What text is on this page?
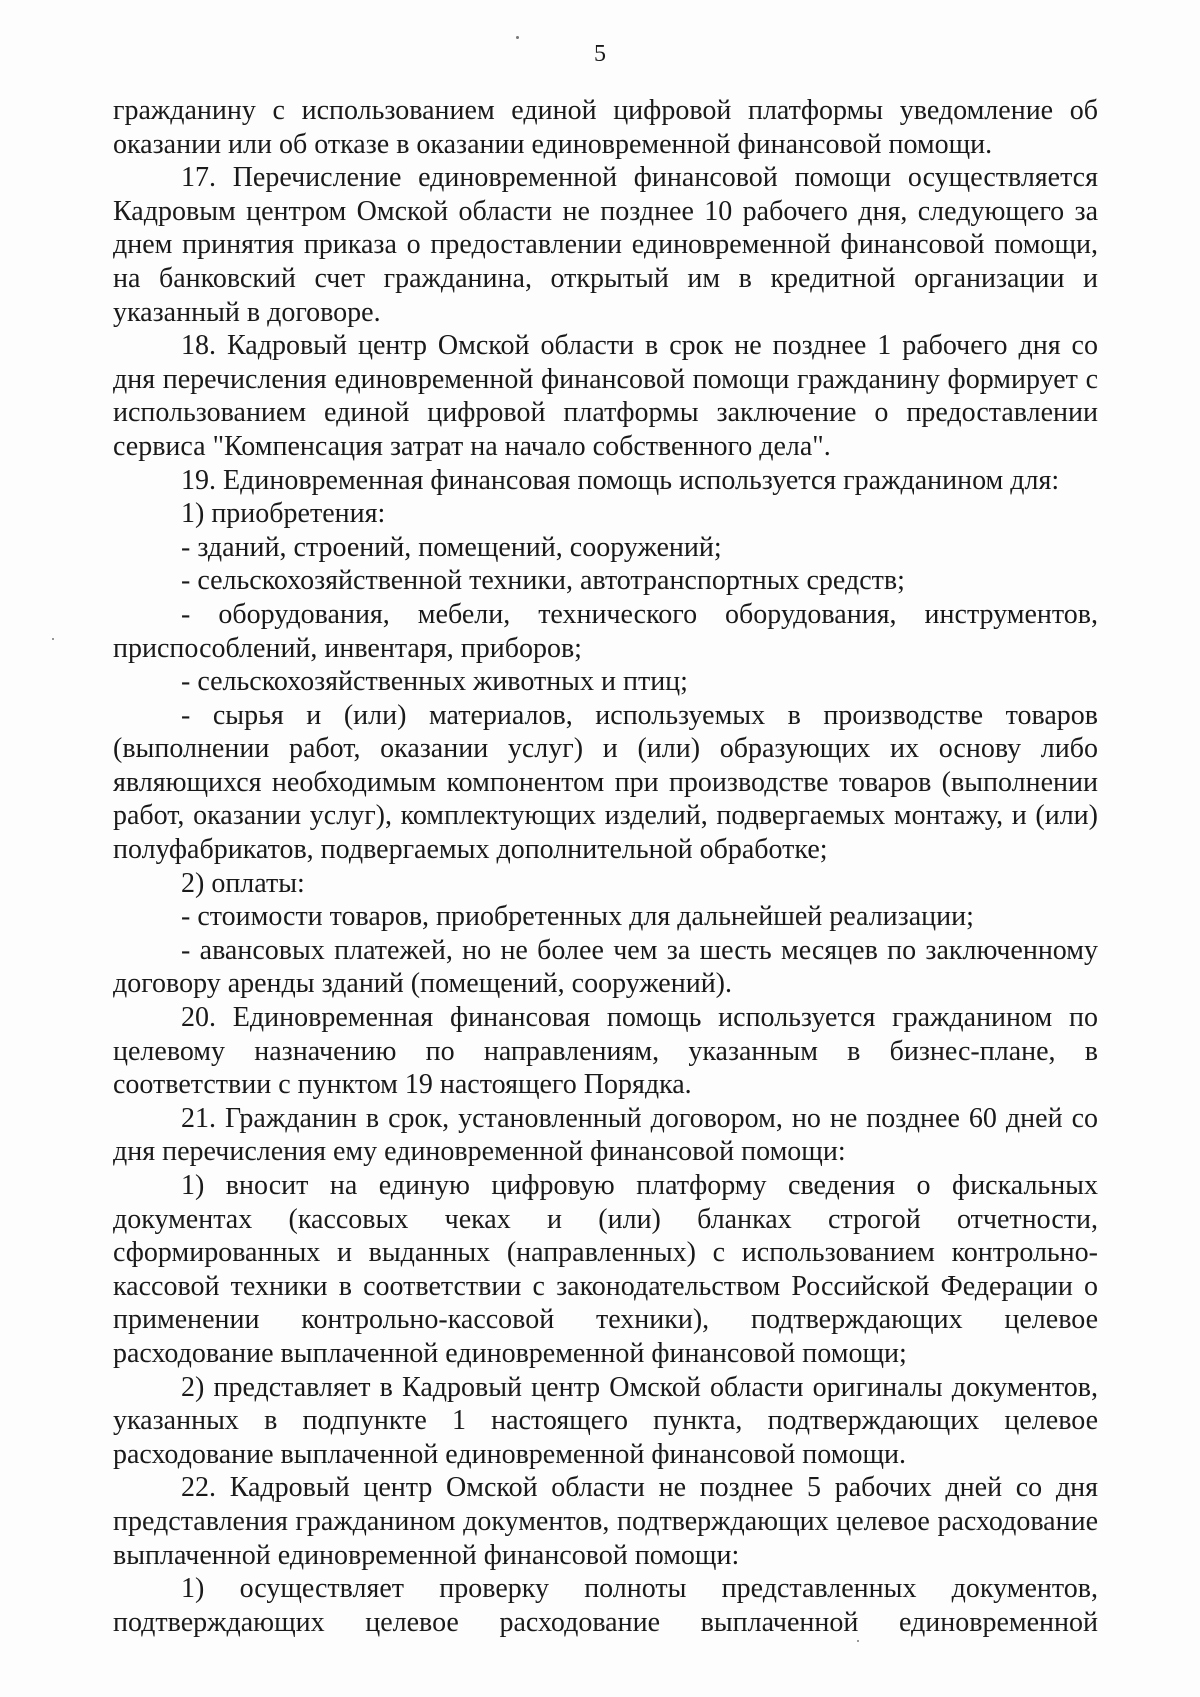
5

гражданину с использованием единой цифровой платформы уведомление об оказании или об отказе в оказании единовременной финансовой помощи.

17. Перечисление единовременной финансовой помощи осуществляется Кадровым центром Омской области не позднее 10 рабочего дня, следующего за днем принятия приказа о предоставлении единовременной финансовой помощи, на банковский счет гражданина, открытый им в кредитной организации и указанный в договоре.

18. Кадровый центр Омской области в срок не позднее 1 рабочего дня со дня перечисления единовременной финансовой помощи гражданину формирует с использованием единой цифровой платформы заключение о предоставлении сервиса "Компенсация затрат на начало собственного дела".

19. Единовременная финансовая помощь используется гражданином для:

1) приобретения:

- зданий, строений, помещений, сооружений;

- сельскохозяйственной техники, автотранспортных средств;

- оборудования, мебели, технического оборудования, инструментов, приспособлений, инвентаря, приборов;

- сельскохозяйственных животных и птиц;

- сырья и (или) материалов, используемых в производстве товаров (выполнении работ, оказании услуг) и (или) образующих их основу либо являющихся необходимым компонентом при производстве товаров (выполнении работ, оказании услуг), комплектующих изделий, подвергаемых монтажу, и (или) полуфабрикатов, подвергаемых дополнительной обработке;

2) оплаты:

- стоимости товаров, приобретенных для дальнейшей реализации;

- авансовых платежей, но не более чем за шесть месяцев по заключенному договору аренды зданий (помещений, сооружений).

20. Единовременная финансовая помощь используется гражданином по целевому назначению по направлениям, указанным в бизнес-плане, в соответствии с пунктом 19 настоящего Порядка.

21. Гражданин в срок, установленный договором, но не позднее 60 дней со дня перечисления ему единовременной финансовой помощи:

1) вносит на единую цифровую платформу сведения о фискальных документах (кассовых чеках и (или) бланках строгой отчетности, сформированных и выданных (направленных) с использованием контрольно-кассовой техники в соответствии с законодательством Российской Федерации о применении контрольно-кассовой техники), подтверждающих целевое расходование выплаченной единовременной финансовой помощи;

2) представляет в Кадровый центр Омской области оригиналы документов, указанных в подпункте 1 настоящего пункта, подтверждающих целевое расходование выплаченной единовременной финансовой помощи.

22. Кадровый центр Омской области не позднее 5 рабочих дней со дня представления гражданином документов, подтверждающих целевое расходование выплаченной единовременной финансовой помощи:

1) осуществляет проверку полноты представленных документов, подтверждающих целевое расходование выплаченной единовременной
